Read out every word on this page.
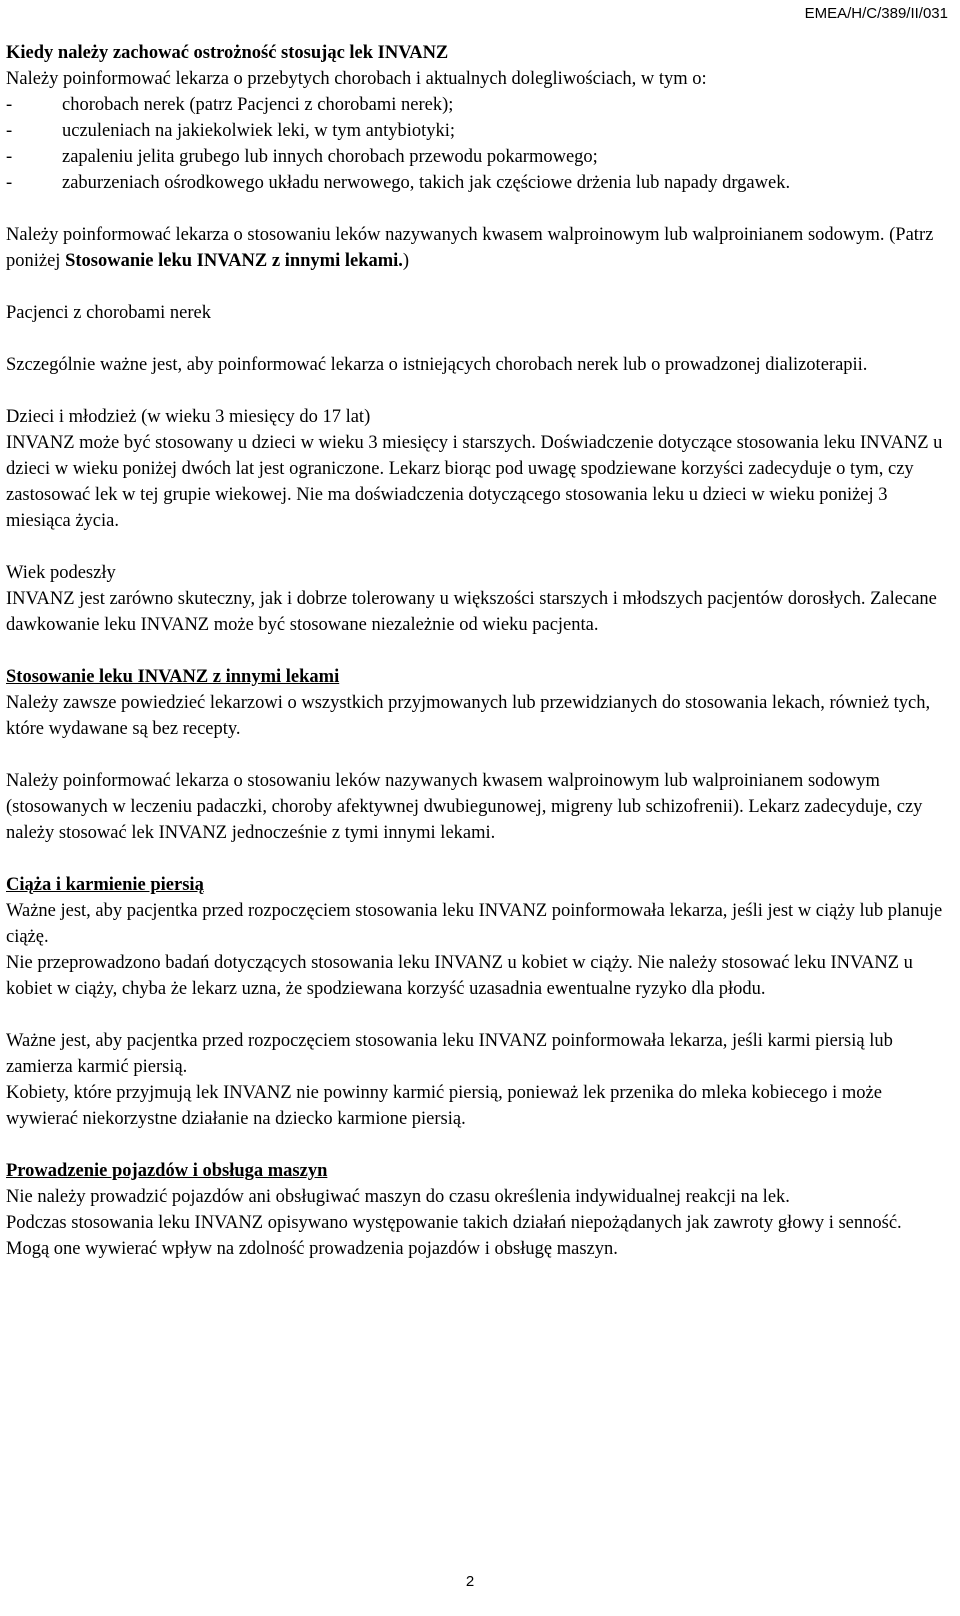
EMEA/H/C/389/II/031

Kiedy należy zachować ostrożność stosując lek INVANZ

Należy poinformować lekarza o przebytych chorobach i aktualnych dolegliwościach, w tym o:

-	chorobach nerek (patrz Pacjenci z chorobami nerek);
-	uczuleniach na jakiekolwiek leki, w tym antybiotyki;
-	zapaleniu jelita grubego lub innych chorobach przewodu pokarmowego;
-	zaburzeniach ośrodkowego układu nerwowego, takich jak częściowe drżenia lub napady drgawek.

Należy poinformować lekarza o stosowaniu leków nazywanych kwasem walproinowym lub walproinianem sodowym. (Patrz poniżej Stosowanie leku INVANZ z innymi lekami.)

Pacjenci z chorobami nerek

Szczególnie ważne jest, aby poinformować lekarza o istniejących chorobach nerek lub o prowadzonej dializoterapii.

Dzieci i młodzież (w wieku 3 miesięcy do 17 lat)

INVANZ może być stosowany u dzieci w wieku 3 miesięcy i starszych. Doświadczenie dotyczące stosowania leku INVANZ u dzieci w wieku poniżej dwóch lat jest ograniczone. Lekarz biorąc pod uwagę spodziewane korzyści zadecyduje o tym, czy zastosować lek w tej grupie wiekowej. Nie ma doświadczenia dotyczącego stosowania leku u dzieci w wieku poniżej 3 miesiąca życia.

Wiek podeszły

INVANZ jest zarówno skuteczny, jak i dobrze tolerowany u większości starszych i młodszych pacjentów dorosłych. Zalecane dawkowanie leku INVANZ może być stosowane niezależnie od wieku pacjenta.

Stosowanie leku INVANZ z innymi lekami

Należy zawsze powiedzieć lekarzowi o wszystkich przyjmowanych lub przewidzianych do stosowania lekach, również tych, które wydawane są bez recepty.

Należy poinformować lekarza o stosowaniu leków nazywanych kwasem walproinowym lub walproinianem sodowym (stosowanych w leczeniu padaczki, choroby afektywnej dwubiegunowej, migreny lub schizofrenii). Lekarz zadecyduje, czy należy stosować lek INVANZ jednocześnie z tymi innymi lekami.

Ciąża i karmienie piersią

Ważne jest, aby pacjentka przed rozpoczęciem stosowania leku INVANZ poinformowała lekarza, jeśli jest w ciąży lub planuje ciążę.

Nie przeprowadzono badań dotyczących stosowania leku INVANZ u kobiet w ciąży. Nie należy stosować leku INVANZ u kobiet w ciąży, chyba że lekarz uzna, że spodziewana korzyść uzasadnia ewentualne ryzyko dla płodu.

Ważne jest, aby pacjentka przed rozpoczęciem stosowania leku INVANZ poinformowała lekarza, jeśli karmi piersią lub zamierza karmić piersią.

Kobiety, które przyjmują lek INVANZ nie powinny karmić piersią, ponieważ lek przenika do mleka kobiecego i może wywierać niekorzystne działanie na dziecko karmione piersią.

Prowadzenie pojazdów i obsługa maszyn

Nie należy prowadzić pojazdów ani obsługiwać maszyn do czasu określenia indywidualnej reakcji na lek.

Podczas stosowania leku INVANZ opisywano występowanie takich działań niepożądanych jak zawroty głowy i senność. Mogą one wywierać wpływ na zdolność prowadzenia pojazdów i obsługę maszyn.

2
